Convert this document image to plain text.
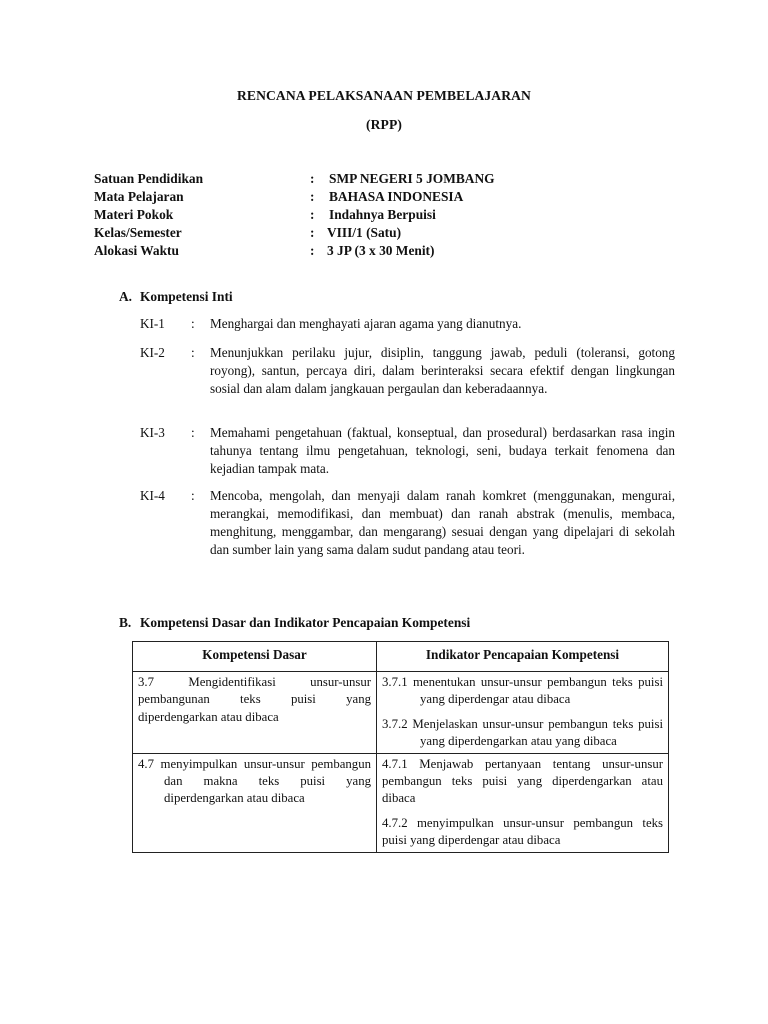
RENCANA PELAKSANAAN PEMBELAJARAN
(RPP)
Satuan Pendidikan	: SMP NEGERI 5 JOMBANG
Mata Pelajaran	: BAHASA INDONESIA
Materi Pokok	: Indahnya Berpuisi
Kelas/Semester	: VIII/1 (Satu)
Alokasi Waktu	: 3 JP (3 x 30 Menit)
A. Kompetensi Inti
KI-1 : Menghargai dan menghayati ajaran agama yang dianutnya.
KI-2 : Menunjukkan perilaku jujur, disiplin, tanggung jawab, peduli (toleransi, gotong royong), santun, percaya diri, dalam berinteraksi secara efektif dengan lingkungan sosial dan alam dalam jangkauan pergaulan dan keberadaannya.
KI-3 : Memahami pengetahuan (faktual, konseptual, dan prosedural) berdasarkan rasa ingin tahunya tentang ilmu pengetahuan, teknologi, seni, budaya terkait fenomena dan kejadian tampak mata.
KI-4 : Mencoba, mengolah, dan menyaji dalam ranah komkret (menggunakan, mengurai, merangkai, memodifikasi, dan membuat) dan ranah abstrak (menulis, membaca, menghitung, menggambar, dan mengarang) sesuai dengan yang dipelajari di sekolah dan sumber lain yang sama dalam sudut pandang atau teori.
B. Kompetensi Dasar dan Indikator Pencapaian Kompetensi
Kompetensi Dasar	Indikator Pencapaian Kompetensi

3.7 Mengidentifikasi unsur-unsur pembangunan teks puisi yang diperdengarkan atau dibaca	3.7.1 menentukan unsur-unsur pembangun teks puisi yang diperdengar atau dibaca
3.7.2 Menjelaskan unsur-unsur pembangun teks puisi yang diperdengarkan atau yang dibaca

4.7 menyimpulkan unsur-unsur pembangun dan makna teks puisi yang diperdengarkan atau dibaca	4.7.1 Menjawab pertanyaan tentang unsur-unsur pembangun teks puisi yang diperdengarkan atau dibaca
4.7.2 menyimpulkan unsur-unsur pembangun teks puisi yang diperdengar atau dibaca
